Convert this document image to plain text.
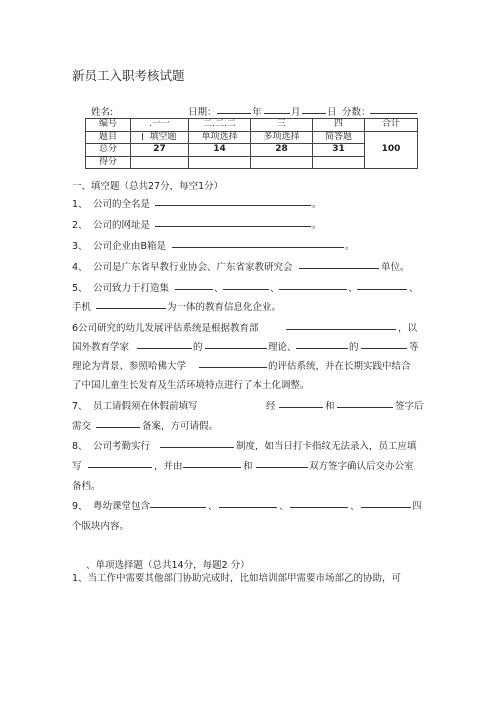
新员工入职考核试题
姓名:	日期：	年	月	日 分数：
编号	.一一	二.二.二	三	四	合计
题目	填空题	单项选择	多项选择	简答题	100
总分	27	14	28	31	
得分					
一、填空题（总共27分，每空1分）
1、 公司的全名是	。
2、 公司的网址是	。
3、 公司企业由B箱是	。
4、 公司是广东省早教行业协会、广东省家教研究会	单位。
5、 公司致力于打造集	、	、	、	、
手机	为一体的教育信息化企业。
6公司研究的幼儿发展评估系统是根据教育部	，以
国外教育学家	的	理论、	的	等
理论为背景、参照哈佛大学	的评估系统，并在长期实践中结合
了中国儿童生长发育及生活环境特点进行了本土化调整。
7、 员工请假须在休假前填写	经	和	签字后
需交	备案，方可请假。
8、 公司考勤实行	制度，如当日打卡指纹无法录入，员工应填
写	，并由	和	双方签字确认后交办公室
备档。
9、 粤幼课堂包含	、	、	、	四
个版块内容。
、单项选择题（总共14分，每题2 分）
1、当工作中需要其他部门协助完成时，比如培训部甲需要市场部乙的协助，可
